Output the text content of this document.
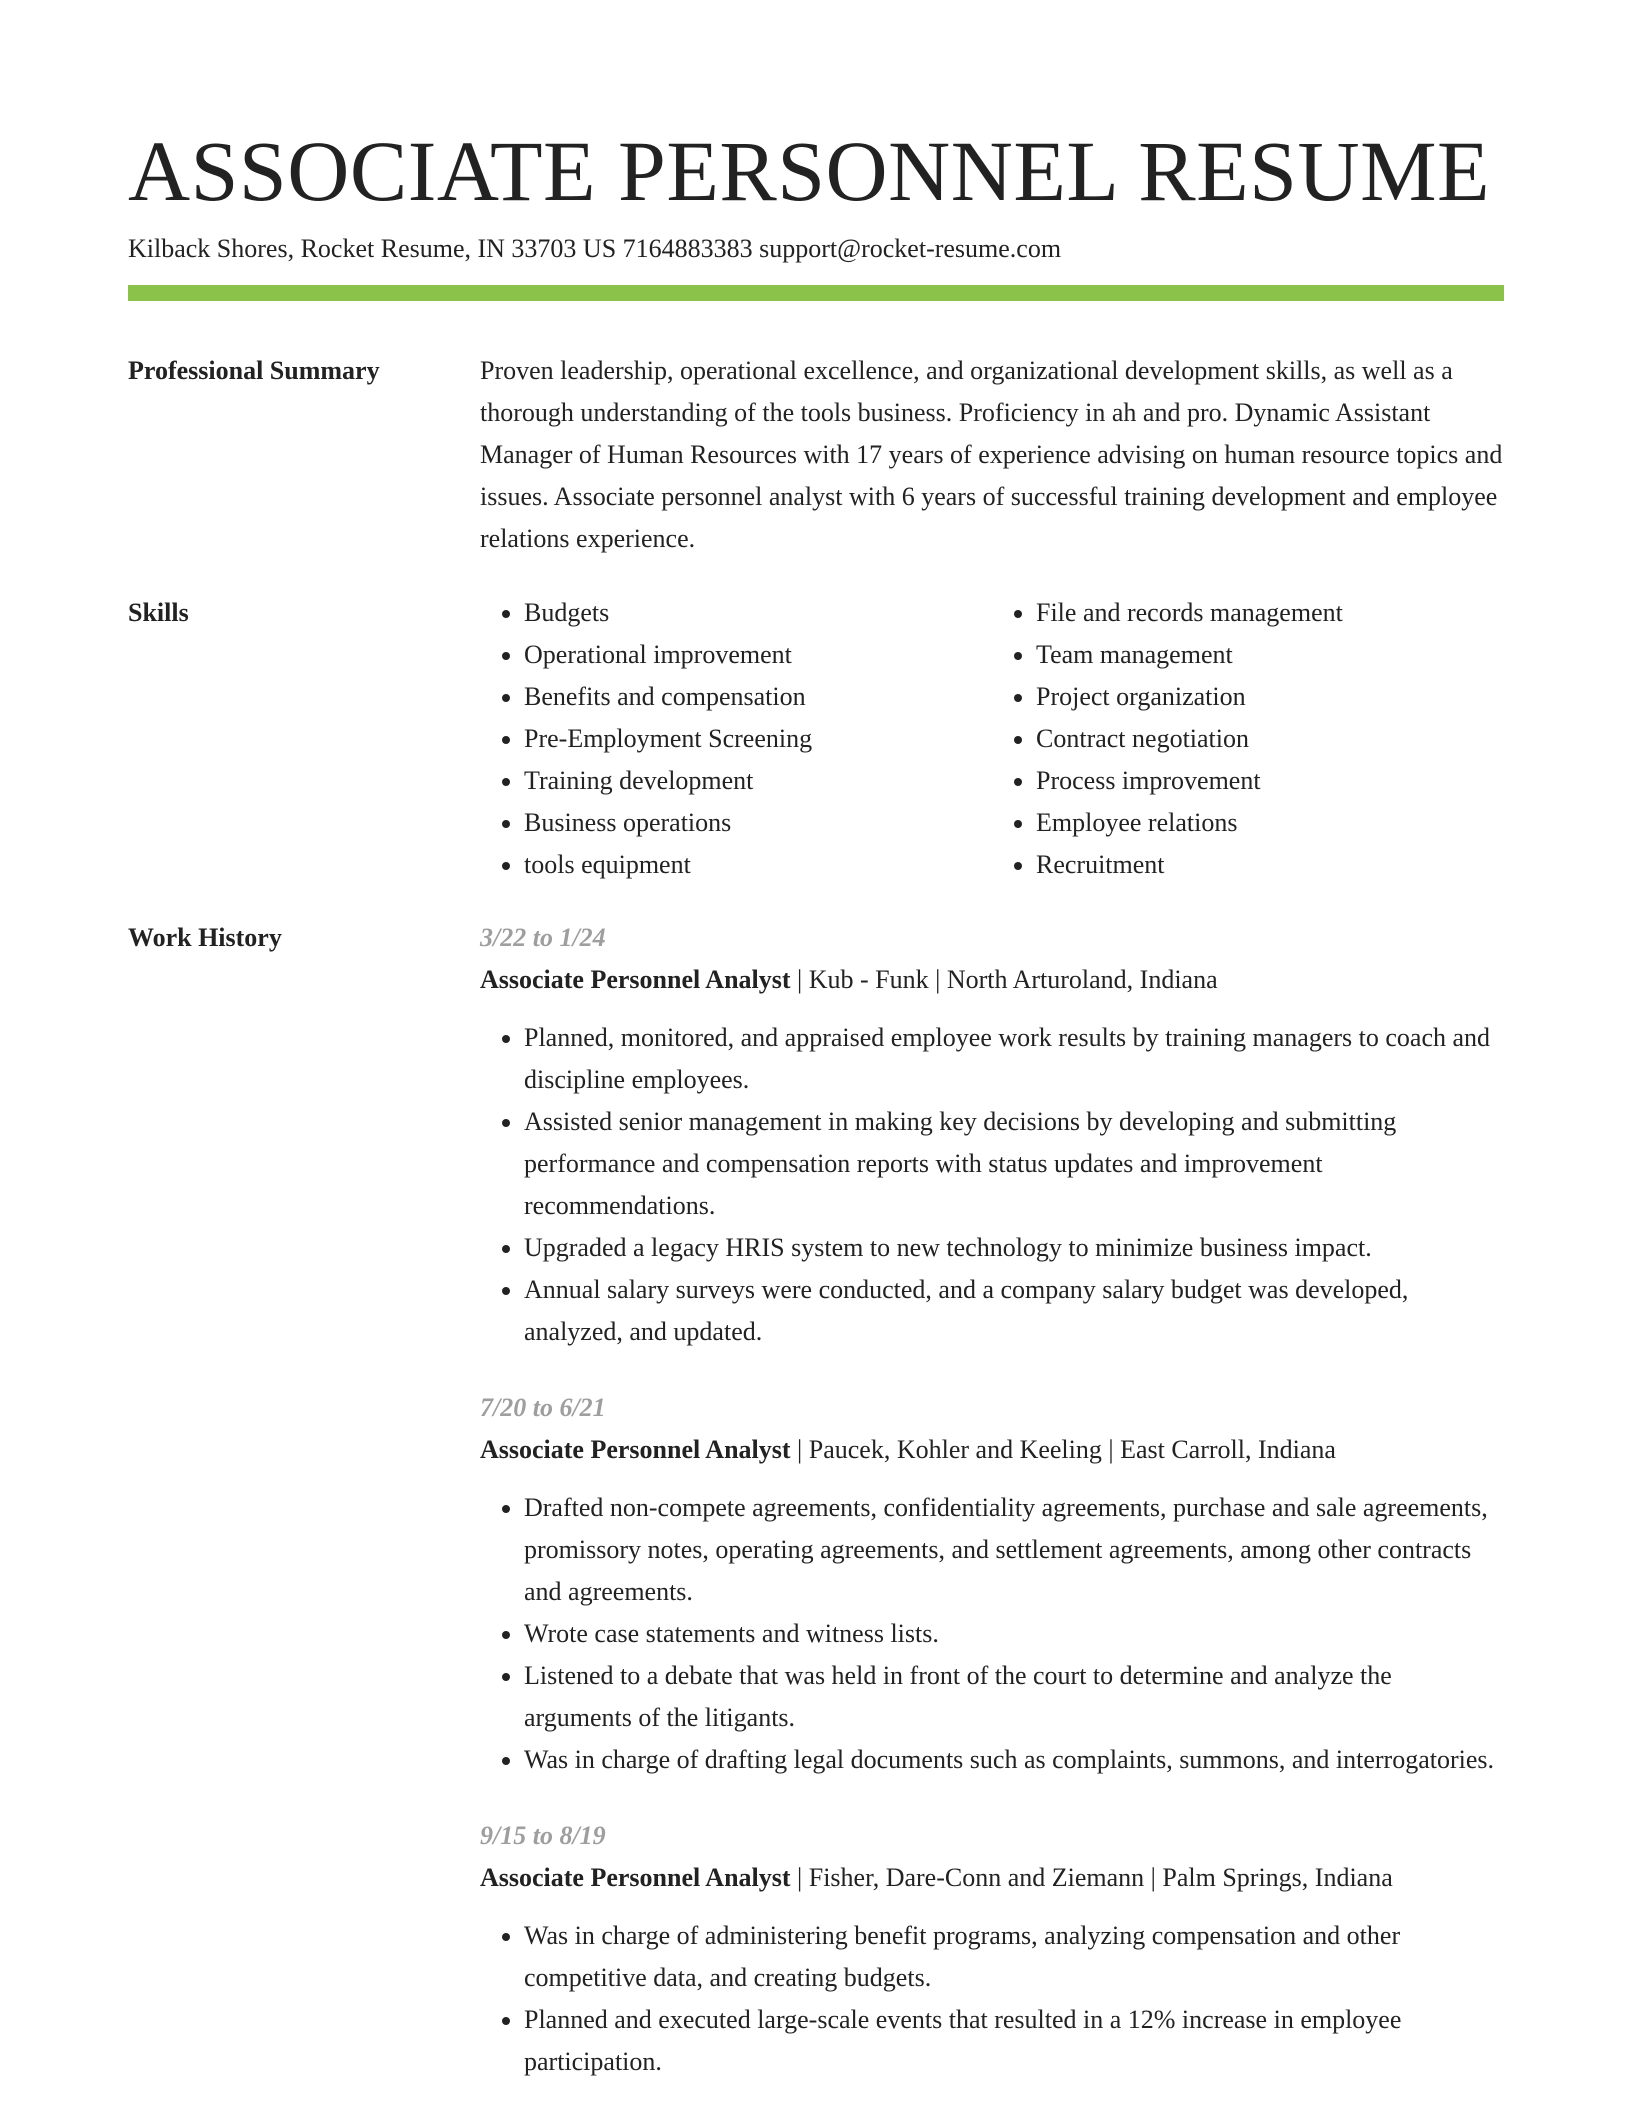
ASSOCIATE PERSONNEL RESUME
Kilback Shores, Rocket Resume, IN 33703 US 7164883383 support@rocket-resume.com
Professional Summary	Proven leadership, operational excellence, and organizational development skills, as well as a thorough understanding of the tools business. Proficiency in ah and pro. Dynamic Assistant Manager of Human Resources with 17 years of experience advising on human resource topics and issues. Associate personnel analyst with 6 years of successful training development and employee relations experience.

Skills
•	Budgets
• Operational improvement
• Benefits and compensation
• Pre-Employment Screening
• Training development
• Business operations
• tools equipment
• File and records management
• Team management
• Project organization
• Contract negotiation
• Process improvement
• Employee relations
• Recruitment
Work History	3/22 to 1/24
Associate Personnel Analyst | Kub - Funk | North Arturoland, Indiana
• Planned, monitored, and appraised employee work results by training managers to coach and discipline employees.
• Assisted senior management in making key decisions by developing and submitting performance and compensation reports with status updates and improvement recommendations.
• Upgraded a legacy HRIS system to new technology to minimize business impact.
• Annual salary surveys were conducted, and a company salary budget was developed, analyzed, and updated.
7/20 to 6/21
Associate Personnel Analyst | Paucek, Kohler and Keeling | East Carroll, Indiana
• Drafted non-compete agreements, confidentiality agreements, purchase and sale agreements, promissory notes, operating agreements, and settlement agreements, among other contracts and agreements.
• Wrote case statements and witness lists.
• Listened to a debate that was held in front of the court to determine and analyze the arguments of the litigants.
• Was in charge of drafting legal documents such as complaints, summons, and interrogatories.
9/15 to 8/19
Associate Personnel Analyst | Fisher, Dare-Conn and Ziemann | Palm Springs, Indiana
• Was in charge of administering benefit programs, analyzing compensation and other competitive data, and creating budgets.
• Planned and executed large-scale events that resulted in a 12% increase in employee participation.
